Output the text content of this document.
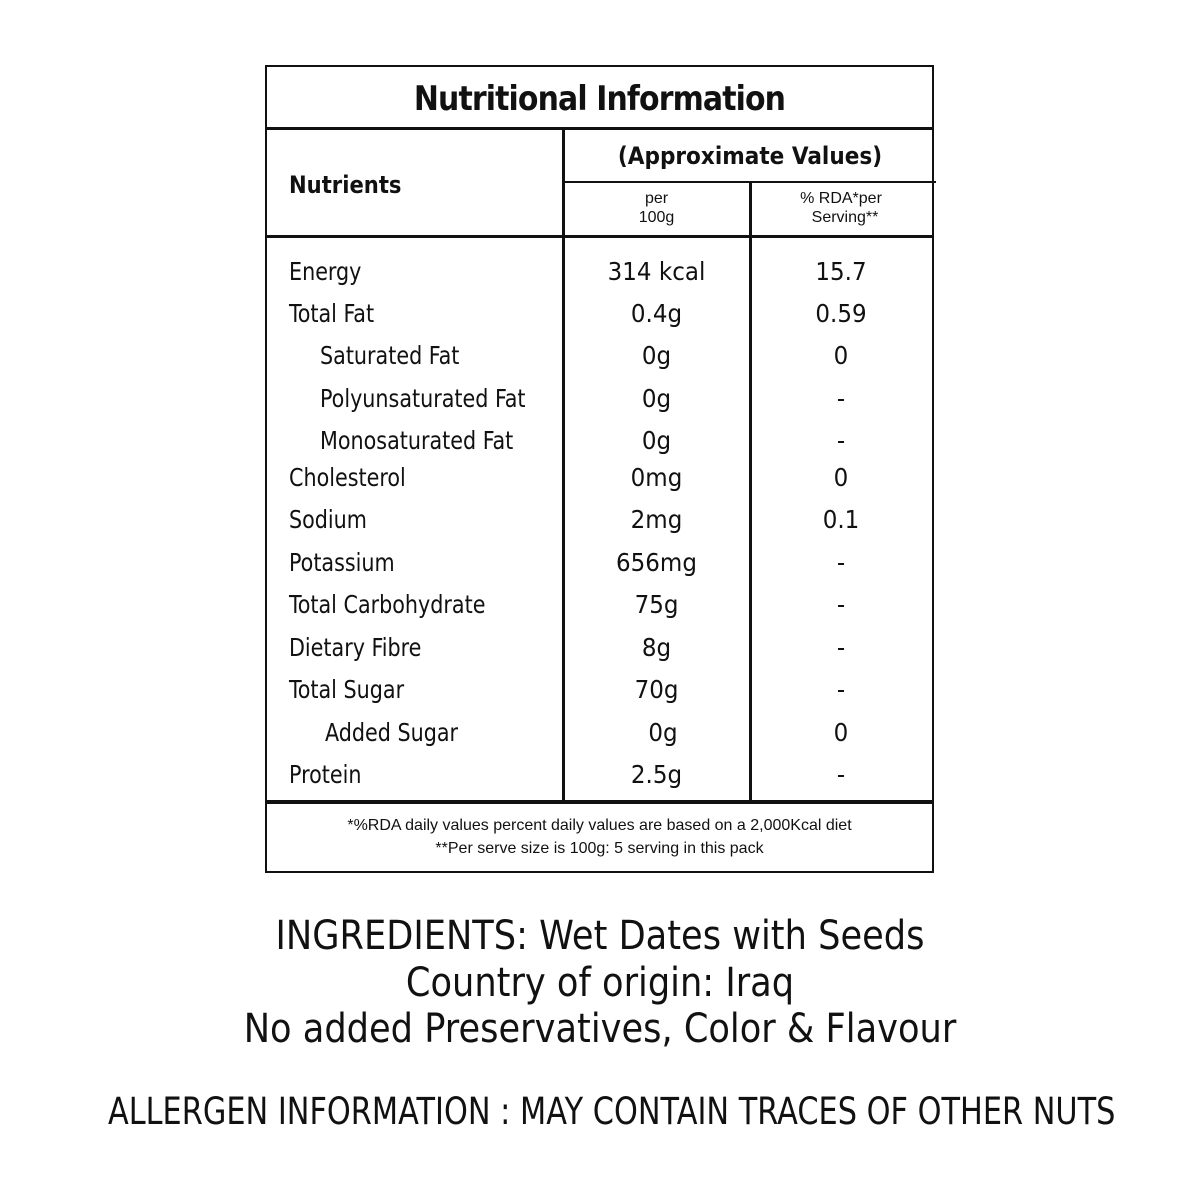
Nutritional Information
Nutrients
(Approximate Values)
per
100g
% RDA*per
Serving**
Energy	314 kcal	15.7
Total Fat	0.4g	0.59
Saturated Fat	0g	0
Polyunsaturated Fat	0g	-
Monosaturated Fat	0g	-
Cholesterol	0mg	0
Sodium	2mg	0.1
Potassium	656mg	-
Total Carbohydrate	75g	-
Dietary Fibre	8g	-
Total Sugar	70g	-
Added Sugar	0g	0
Protein	2.5g	-
*%RDA daily values percent daily values are based on a 2,000Kcal diet
**Per serve size is 100g: 5 serving in this pack
INGREDIENTS: Wet Dates with Seeds
Country of origin: Iraq
No added Preservatives, Color & Flavour
ALLERGEN INFORMATION : MAY CONTAIN TRACES OF OTHER NUTS
